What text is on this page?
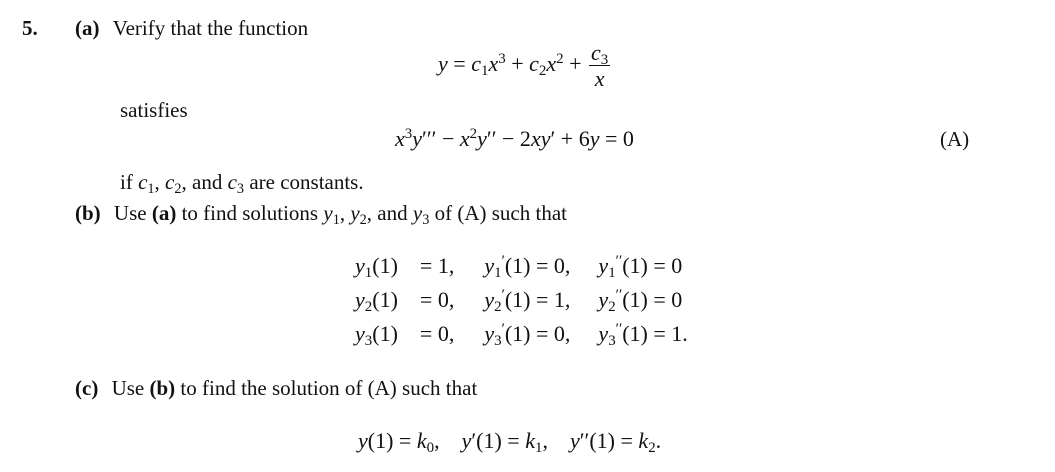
5. (a) Verify that the function
$y = c_1x^3 + c_2x^2 + \frac{c_3}{x}$
satisfies
$x^3y''' - x^2y'' - 2xy' + 6y = 0$	(A)
if $c_1$, $c_2$, and $c_3$ are constants.
(b) Use (a) to find solutions $y_1$, $y_2$, and $y_3$ of (A) such that
$y_1(1)$	= 1,	$y_1'(1) = 0$,	$y_1''(1) = 0$
$y_2(1)$	= 0,	$y_2'(1) = 1$,	$y_2''(1) = 0$
$y_3(1)$	= 0,	$y_3'(1) = 0$,	$y_3''(1) = 1$.
(c) Use (b) to find the solution of (A) such that
$y(1) = k_0$,    $y'(1) = k_1$,    $y''(1) = k_2$.
